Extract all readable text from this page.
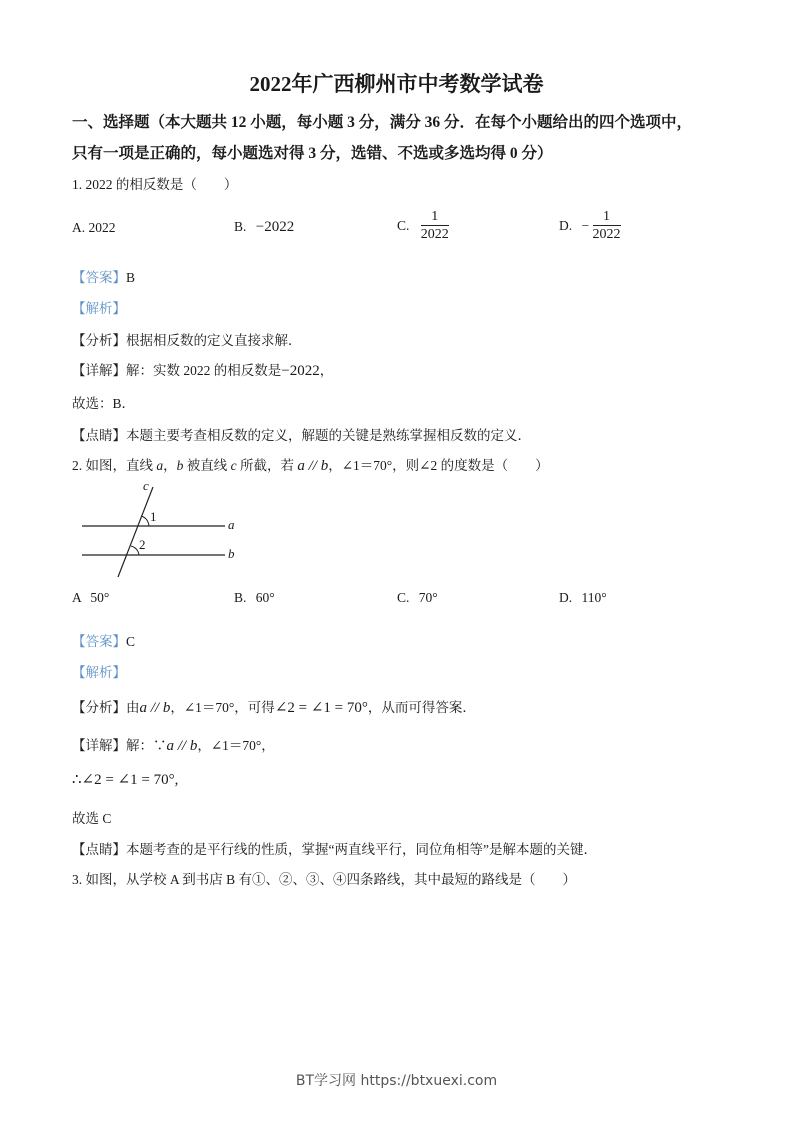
2022年广西柳州市中考数学试卷
一、选择题（本大题共 12 小题，每小题 3 分，满分 36 分．在每个小题给出的四个选项中，
只有一项是正确的，每小题选对得 3 分，选错、不选或多选均得 0 分）
1. 2022 的相反数是（　　）
A. 2022	B. −2022	C. $\frac{1}{2022}$	D. − $\frac{1}{2022}$
【答案】B
【解析】
【分析】根据相反数的定义直接求解．
【详解】解：实数 2022 的相反数是−2022，
故选：B．
【点睛】本题主要考查相反数的定义，解题的关键是熟练掌握相反数的定义．
2. 如图，直线 a，b 被直线 c 所截，若 a // b，∠1＝70°，则∠2 的度数是（　　）
c
1
2
a
b
A 50°	B. 60°	C. 70°	D. 110°
【答案】C
【解析】
【分析】由a // b，∠1＝70°，可得∠2 = ∠1 = 70°，从而可得答案．
【详解】解：∵a // b，∠1＝70°，
∴∠2 = ∠1 = 70°,
故选 C
【点睛】本题考查的是平行线的性质，掌握“两直线平行，同位角相等”是解本题的关键．
3. 如图，从学校 A 到书店 B 有①、②、③、④四条路线，其中最短的路线是（　　）
BT学习网 https://btxuexi.com
